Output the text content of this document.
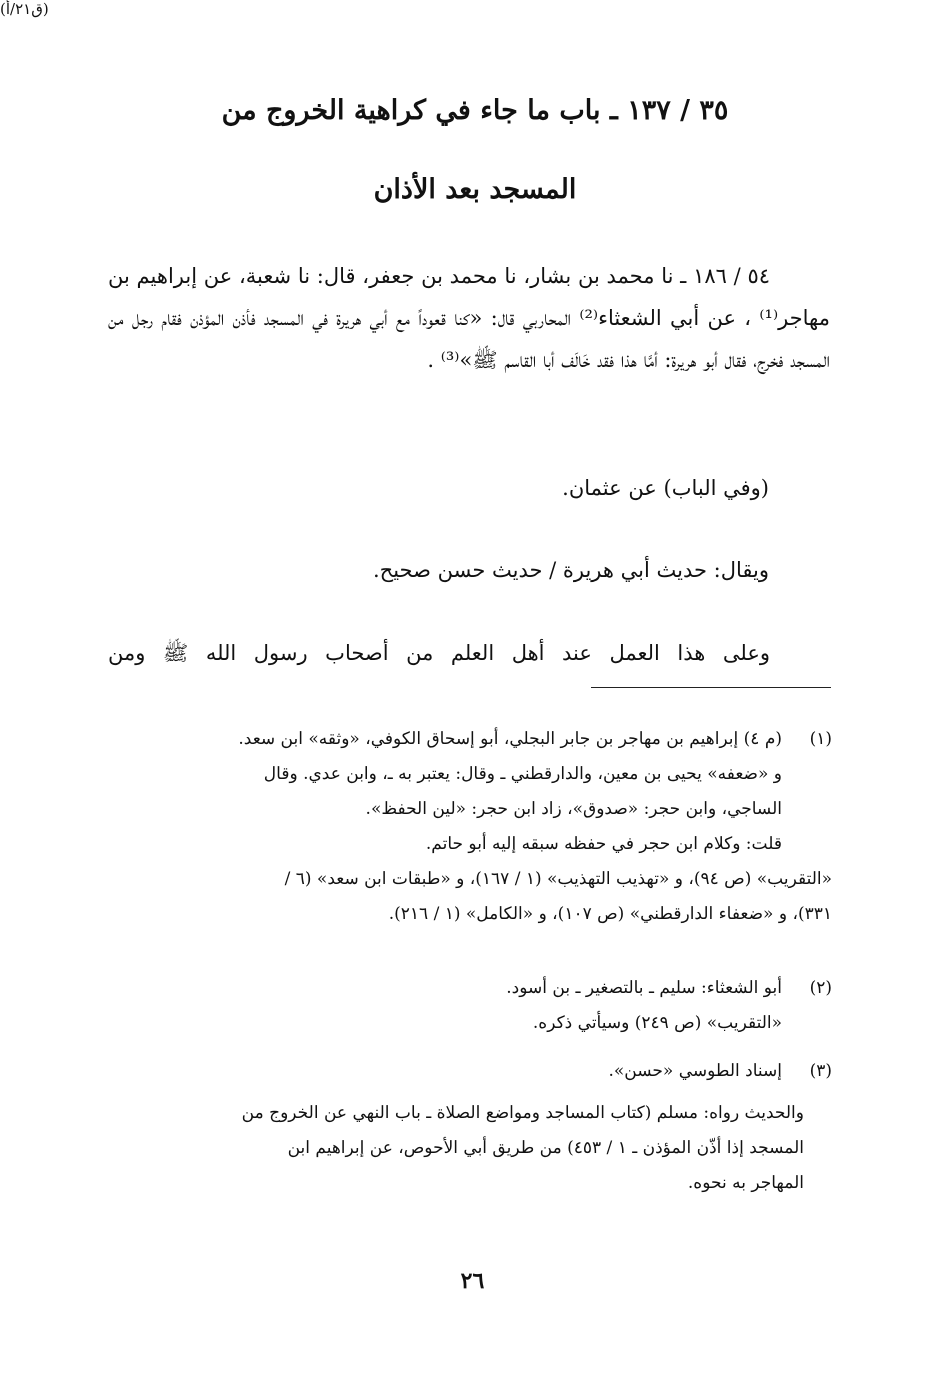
٣٥ / ١٣٧ ـ باب ما جاء في كراهية الخروج من
المسجد بعد الأذان
٥٤ / ١٨٦ ـ نا محمد بن بشار، نا محمد بن جعفر، قال: نا شعبة، عن إبراهيم بن مهاجر⁽¹⁾ ، عن أبي الشعثاء⁽²⁾ المحاربي قال: «كنا قعوداً مع أبي هريرة في المسجد فأذن المؤذن فقام رجل من المسجد فخرج، فقال أبو هريرة: أمَّا هذا فقد خَالَف أبا القاسم ﷺ»⁽³⁾ .
(وفي الباب) عن عثمان.
ويقال: حديث أبي هريرة / حديث حسن صحيح.
(ق٢١/أ)
وعلى هذا العمل عند أهل العلم من أصحاب رسول الله ﷺ ومن
(١)
(م ٤) إبراهيم بن مهاجر بن جابر البجلي، أبو إسحاق الكوفي، «وثقه» ابن سعد.
و «ضعفه» يحيى بن معين، والدارقطني ـ وقال: يعتبر به ـ، وابن عدي. وقال
الساجي، وابن حجر: «صدوق»، زاد ابن حجر: «لين الحفظ».
قلت: وكلام ابن حجر في حفظه سبقه إليه أبو حاتم.
«التقريب» (ص ٩٤)، و «تهذيب التهذيب» (١ / ١٦٧)، و «طبقات ابن سعد» (٦ /
٣٣١)، و «ضعفاء الدارقطني» (ص ١٠٧)، و «الكامل» (١ / ٢١٦).
(٢)
أبو الشعثاء: سليم ـ بالتصغير ـ بن أسود.
«التقريب» (ص ٢٤٩) وسيأتي ذكره.
(٣)
إسناد الطوسي «حسن».
والحديث رواه: مسلم (كتاب المساجد ومواضع الصلاة ـ باب النهي عن الخروج من
المسجد إذا أذّن المؤذن ـ ١ / ٤٥٣) من طريق أبي الأحوص، عن إبراهيم ابن
المهاجر به نحوه.
٢٦
